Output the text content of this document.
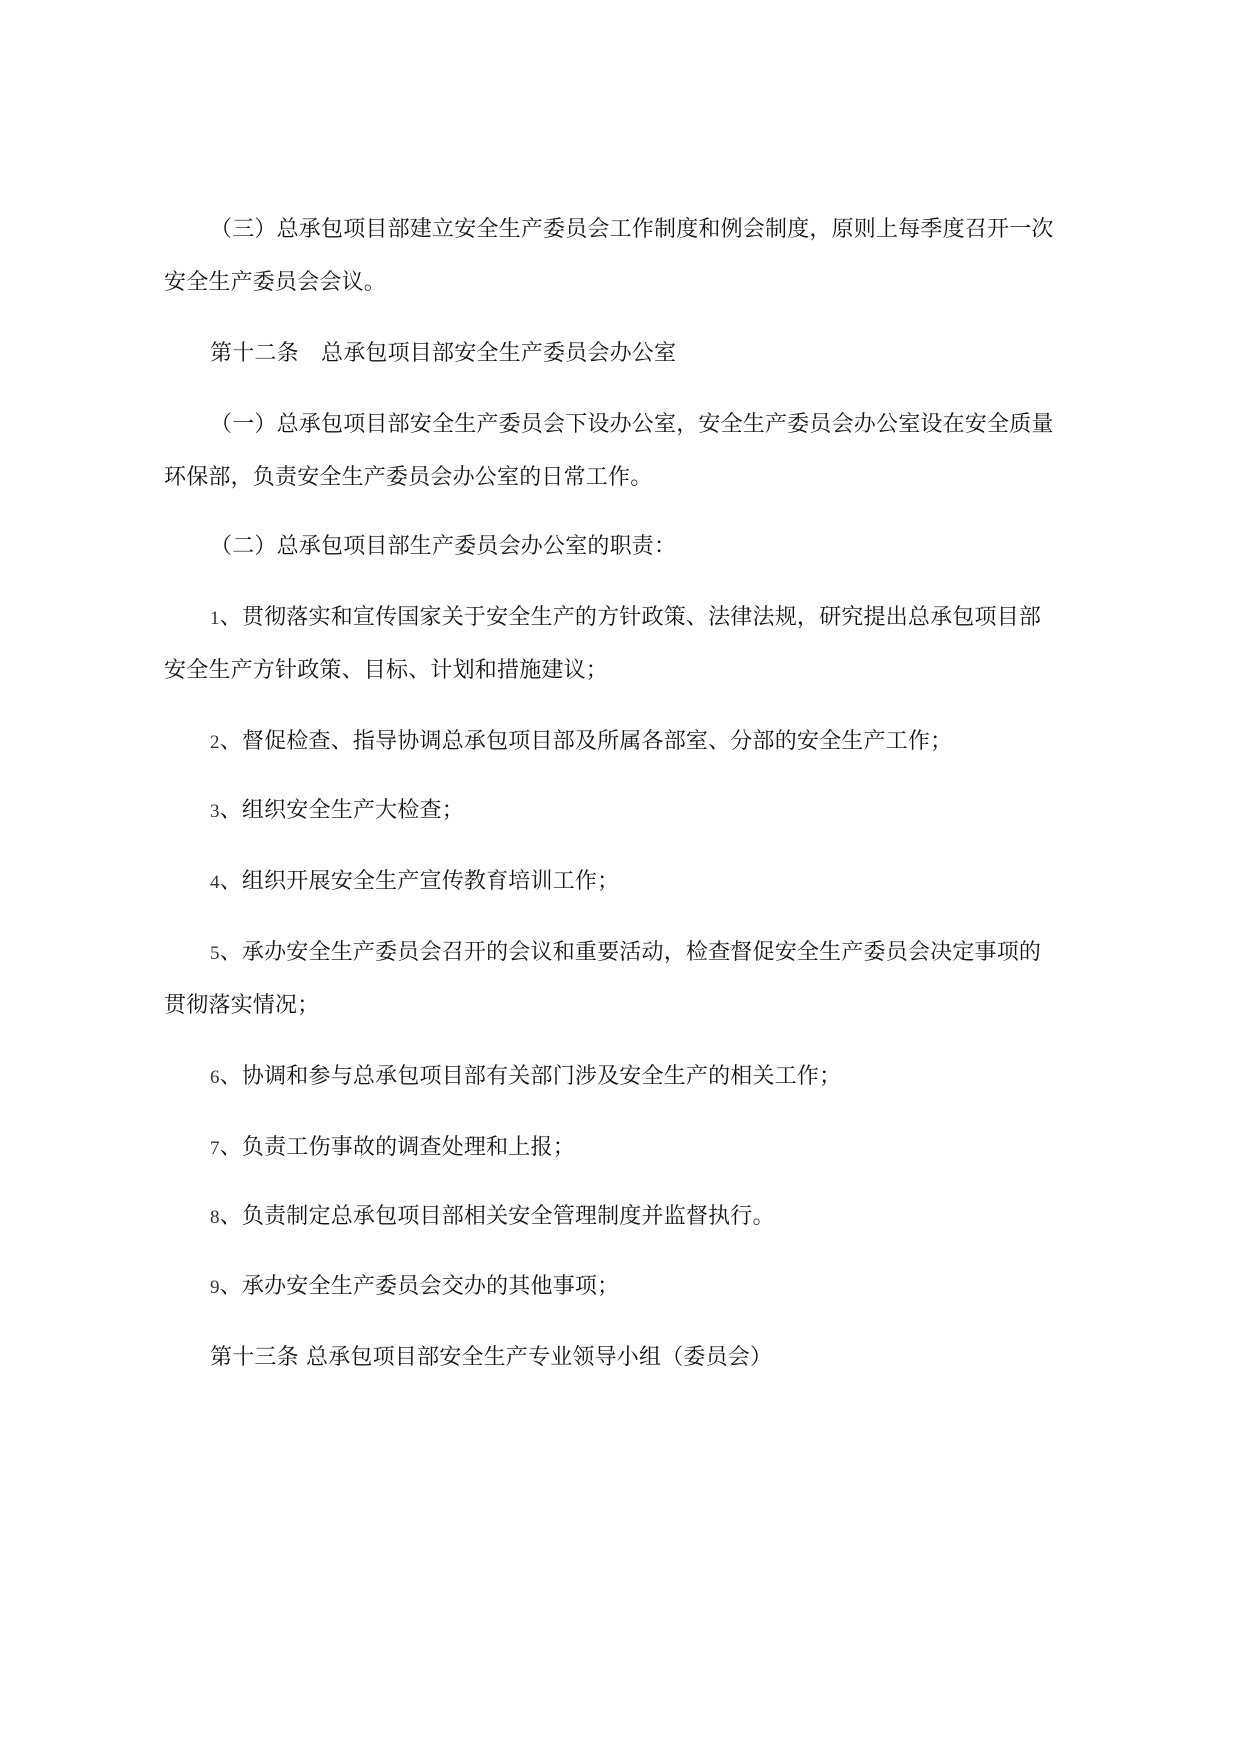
（三）总承包项目部建立安全生产委员会工作制度和例会制度，原则上每季度召开一次
安全生产委员会会议。
第十二条　总承包项目部安全生产委员会办公室
（一）总承包项目部安全生产委员会下设办公室，安全生产委员会办公室设在安全质量
环保部，负责安全生产委员会办公室的日常工作。
（二）总承包项目部生产委员会办公室的职责：
1、贯彻落实和宣传国家关于安全生产的方针政策、法律法规，研究提出总承包项目部
安全生产方针政策、目标、计划和措施建议；
2、督促检查、指导协调总承包项目部及所属各部室、分部的安全生产工作；
3、组织安全生产大检查；
4、组织开展安全生产宣传教育培训工作；
5、承办安全生产委员会召开的会议和重要活动，检查督促安全生产委员会决定事项的
贯彻落实情况；
6、协调和参与总承包项目部有关部门涉及安全生产的相关工作；
7、负责工伤事故的调查处理和上报；
8、负责制定总承包项目部相关安全管理制度并监督执行。
9、承办安全生产委员会交办的其他事项；
第十三条 总承包项目部安全生产专业领导小组（委员会）
